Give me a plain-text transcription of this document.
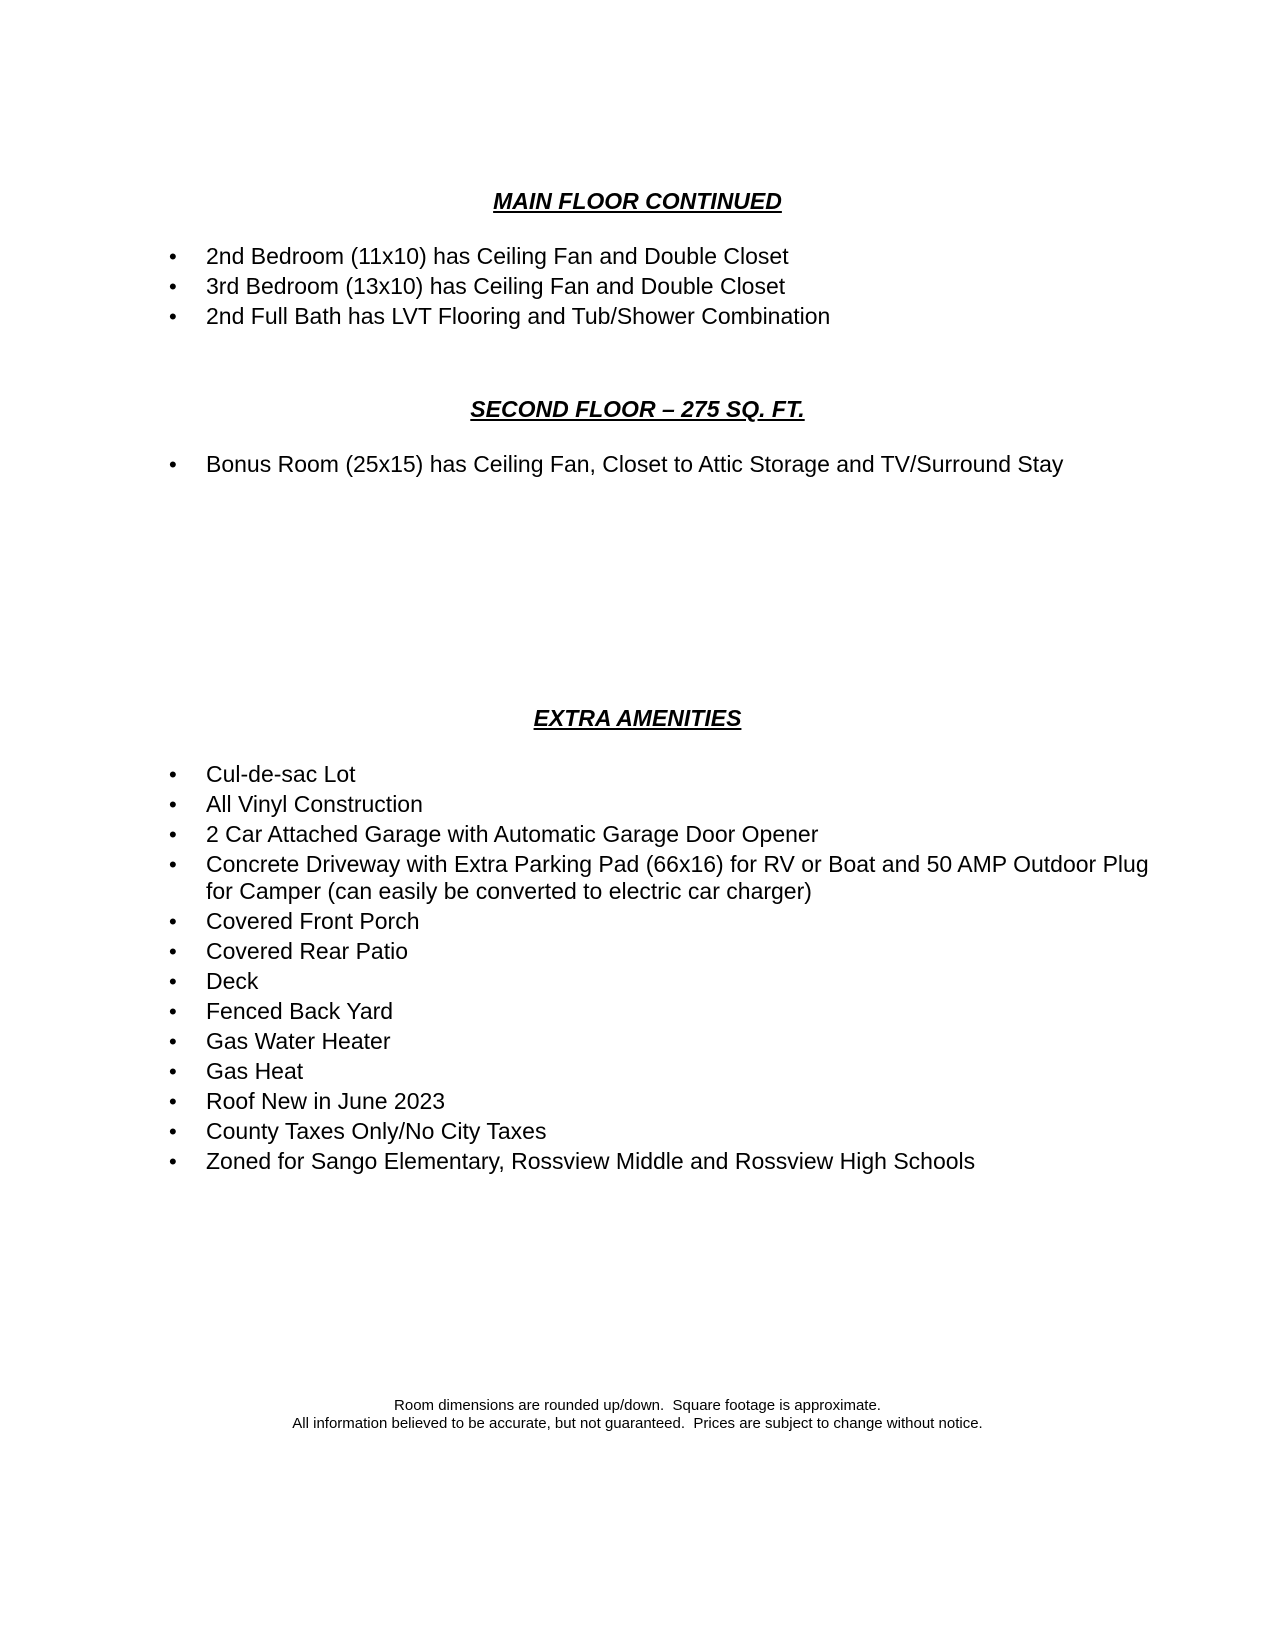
MAIN FLOOR CONTINUED
• 2nd Bedroom (11x10) has Ceiling Fan and Double Closet
• 3rd Bedroom (13x10) has Ceiling Fan and Double Closet
• 2nd Full Bath has LVT Flooring and Tub/Shower Combination
SECOND FLOOR – 275 SQ. FT.
• Bonus Room (25x15) has Ceiling Fan, Closet to Attic Storage and TV/Surround Stay
EXTRA AMENITIES
• Cul-de-sac Lot
• All Vinyl Construction
• 2 Car Attached Garage with Automatic Garage Door Opener
• Concrete Driveway with Extra Parking Pad (66x16) for RV or Boat and 50 AMP Outdoor Plug for Camper (can easily be converted to electric car charger)
• Covered Front Porch
• Covered Rear Patio
• Deck
• Fenced Back Yard
• Gas Water Heater
• Gas Heat
• Roof New in June 2023
• County Taxes Only/No City Taxes
• Zoned for Sango Elementary, Rossview Middle and Rossview High Schools
Room dimensions are rounded up/down.  Square footage is approximate.
All information believed to be accurate, but not guaranteed.  Prices are subject to change without notice.
